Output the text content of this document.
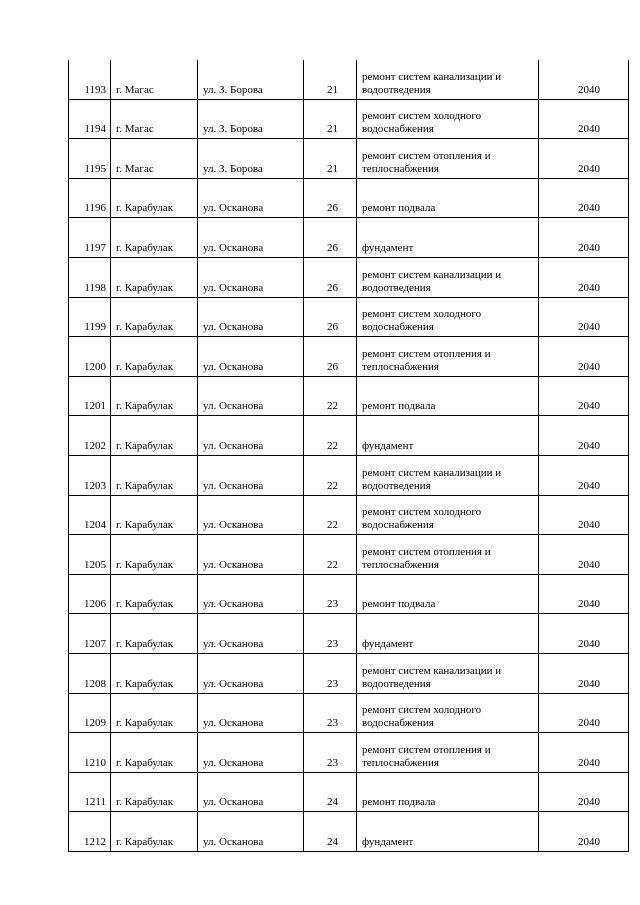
1193	г. Магас	ул. З. Борова	21	ремонт систем канализации и водоотведения	2040
1194	г. Магас	ул. З. Борова	21	ремонт систем холодного водоснабжения	2040
1195	г. Магас	ул. З. Борова	21	ремонт систем отопления и теплоснабжения	2040
1196	г. Карабулак	ул. Осканова	26	ремонт подвала	2040
1197	г. Карабулак	ул. Осканова	26	фундамент	2040
1198	г. Карабулак	ул. Осканова	26	ремонт систем канализации и водоотведения	2040
1199	г. Карабулак	ул. Осканова	26	ремонт систем холодного водоснабжения	2040
1200	г. Карабулак	ул. Осканова	26	ремонт систем отопления и теплоснабжения	2040
1201	г. Карабулак	ул. Осканова	22	ремонт подвала	2040
1202	г. Карабулак	ул. Осканова	22	фундамент	2040
1203	г. Карабулак	ул. Осканова	22	ремонт систем канализации и водоотведения	2040
1204	г. Карабулак	ул. Осканова	22	ремонт систем холодного водоснабжения	2040
1205	г. Карабулак	ул. Осканова	22	ремонт систем отопления и теплоснабжения	2040
1206	г. Карабулак	ул. Осканова	23	ремонт подвала	2040
1207	г. Карабулак	ул. Осканова	23	фундамент	2040
1208	г. Карабулак	ул. Осканова	23	ремонт систем канализации и водоотведения	2040
1209	г. Карабулак	ул. Осканова	23	ремонт систем холодного водоснабжения	2040
1210	г. Карабулак	ул. Осканова	23	ремонт систем отопления и теплоснабжения	2040
1211	г. Карабулак	ул. Осканова	24	ремонт подвала	2040
1212	г. Карабулак	ул. Осканова	24	фундамент	2040
